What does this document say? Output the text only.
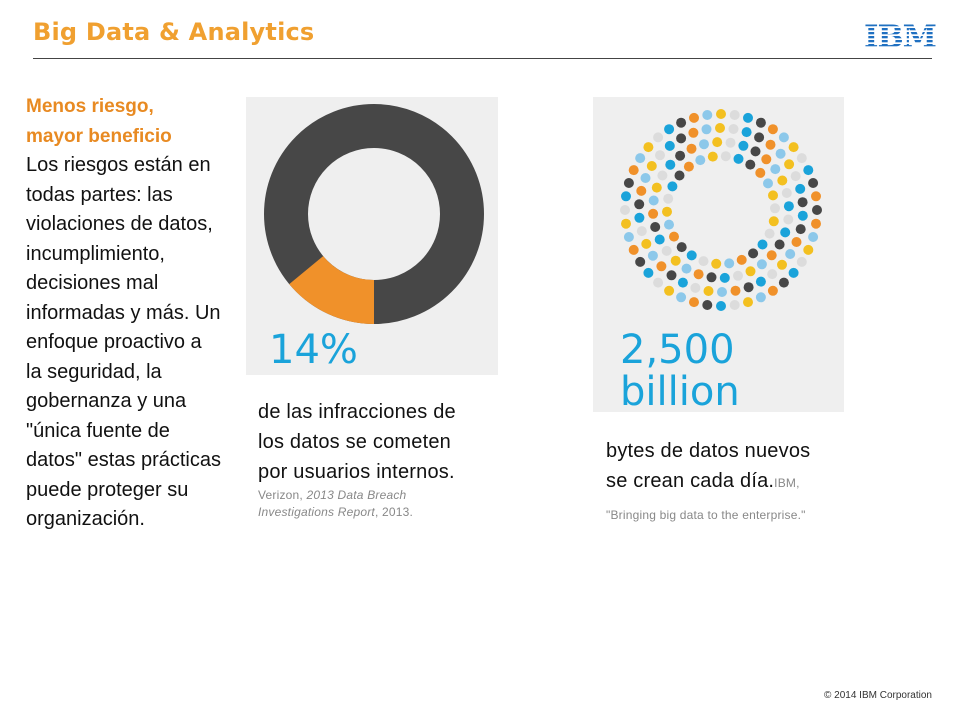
Big Data & Analytics	IBM
Menos riesgo,
mayor beneficio
Los riesgos están en todas partes: las violaciones de datos, incumplimiento, decisiones mal informadas y más. Un enfoque proactivo a la seguridad, la gobernanza y una "única fuente de datos" estas prácticas puede proteger su organización.
14%
de las infracciones de los datos se cometen por usuarios internos.
Verizon, 2013 Data Breach Investigations Report, 2013.
2,500
billion
bytes de datos nuevos se crean cada día.IBM, "Bringing big data to the enterprise."
© 2014 IBM Corporation
